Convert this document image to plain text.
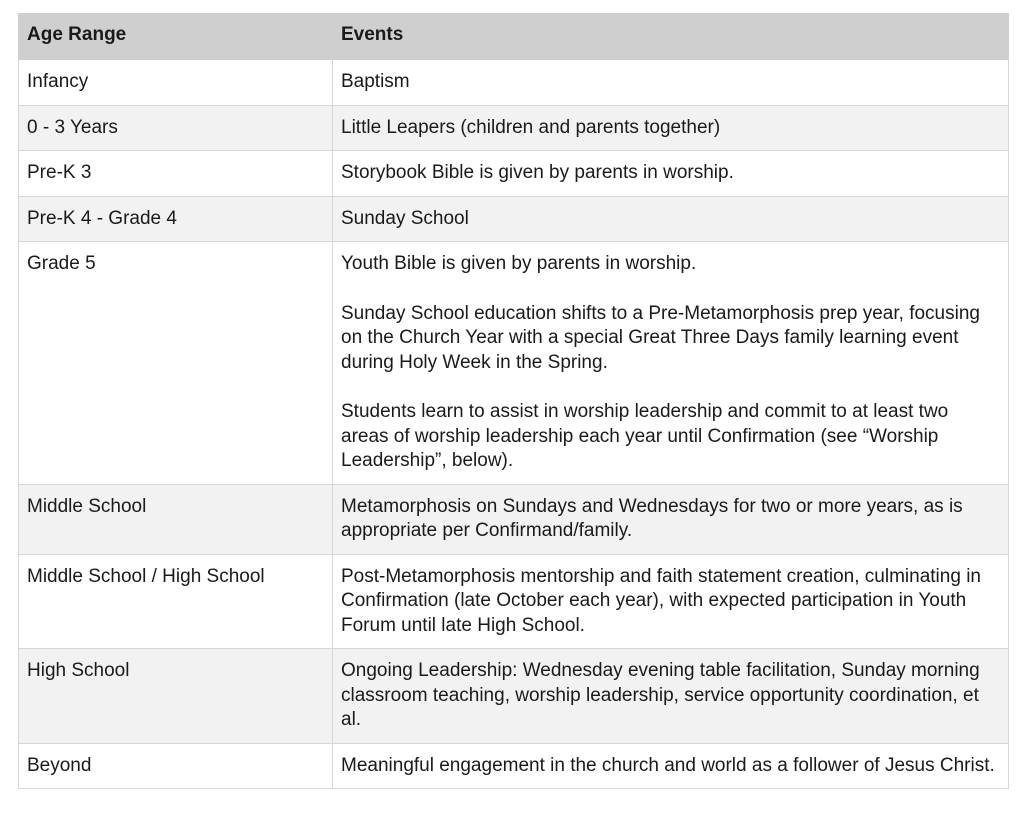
Age Range	Events
Infancy	Baptism

0 - 3 Years	Little Leapers (children and parents together)

Pre-K 3	Storybook Bible is given by parents in worship.

Pre-K 4 - Grade 4	Sunday School

Grade 5	Youth Bible is given by parents in worship.

Sunday School education shifts to a Pre-Metamorphosis prep year, focusing on the Church Year with a special Great Three Days family learning event during Holy Week in the Spring.

Students learn to assist in worship leadership and commit to at least two areas of worship leadership each year until Confirmation (see “Worship Leadership”, below).

Middle School	Metamorphosis on Sundays and Wednesdays for two or more years, as is appropriate per Confirmand/family.

Middle School / High School	Post-Metamorphosis mentorship and faith statement creation, culminating in Confirmation (late October each year), with expected participation in Youth Forum until late High School.

High School	Ongoing Leadership: Wednesday evening table facilitation, Sunday morning classroom teaching, worship leadership, service opportunity coordination, et al.

Beyond	Meaningful engagement in the church and world as a follower of Jesus Christ.
